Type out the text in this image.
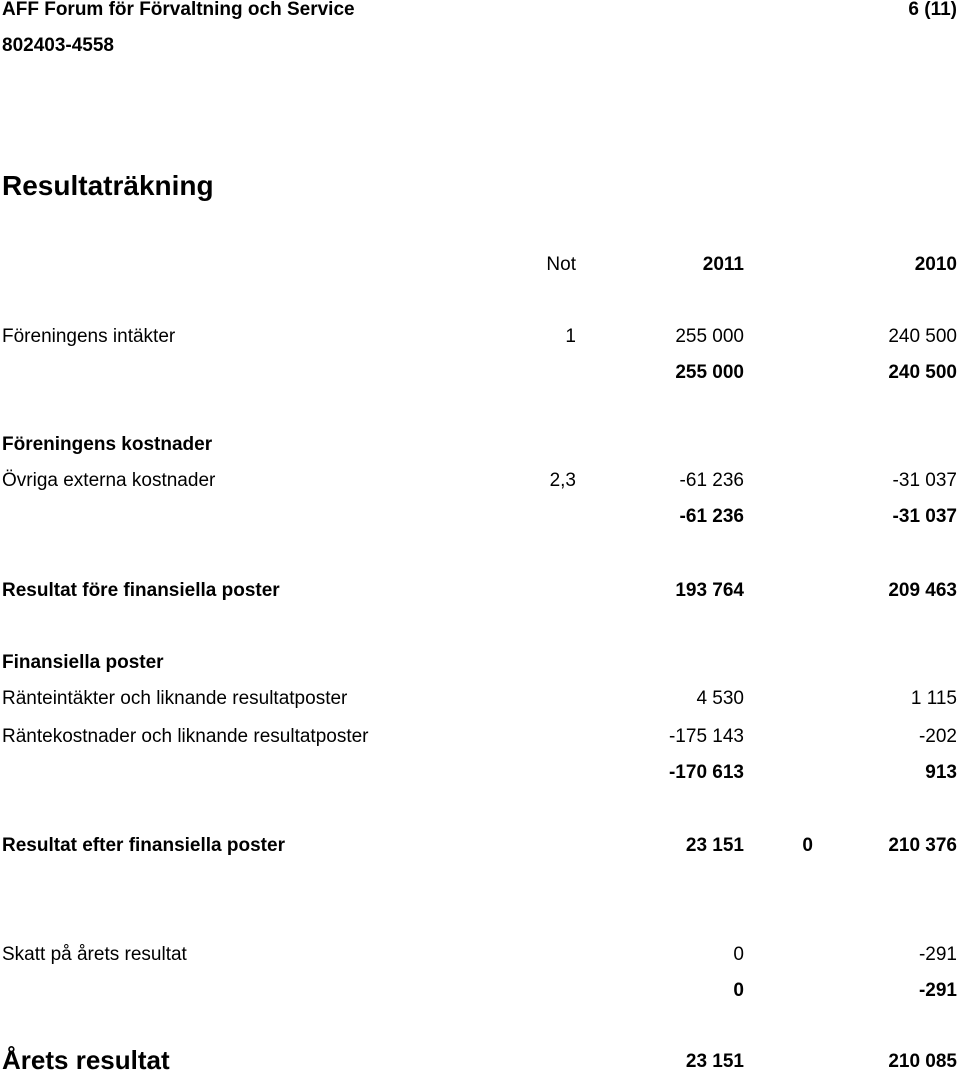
AFF Forum för Förvaltning och Service	6 (11)
802403-4558
Resultaträkning
Not	2011	2010
Föreningens intäkter	1	255 000	240 500
255 000	240 500
Föreningens kostnader
Övriga externa kostnader	2,3	-61 236	-31 037
-61 236	-31 037
Resultat före finansiella poster	193 764	209 463
Finansiella poster
Ränteintäkter och liknande resultatposter	4 530	1 115
Räntekostnader och liknande resultatposter	-175 143	-202
-170 613	913
Resultat efter finansiella poster	23 151	0	210 376
Skatt på årets resultat	0	-291
0	-291
Årets resultat	23 151	210 085
